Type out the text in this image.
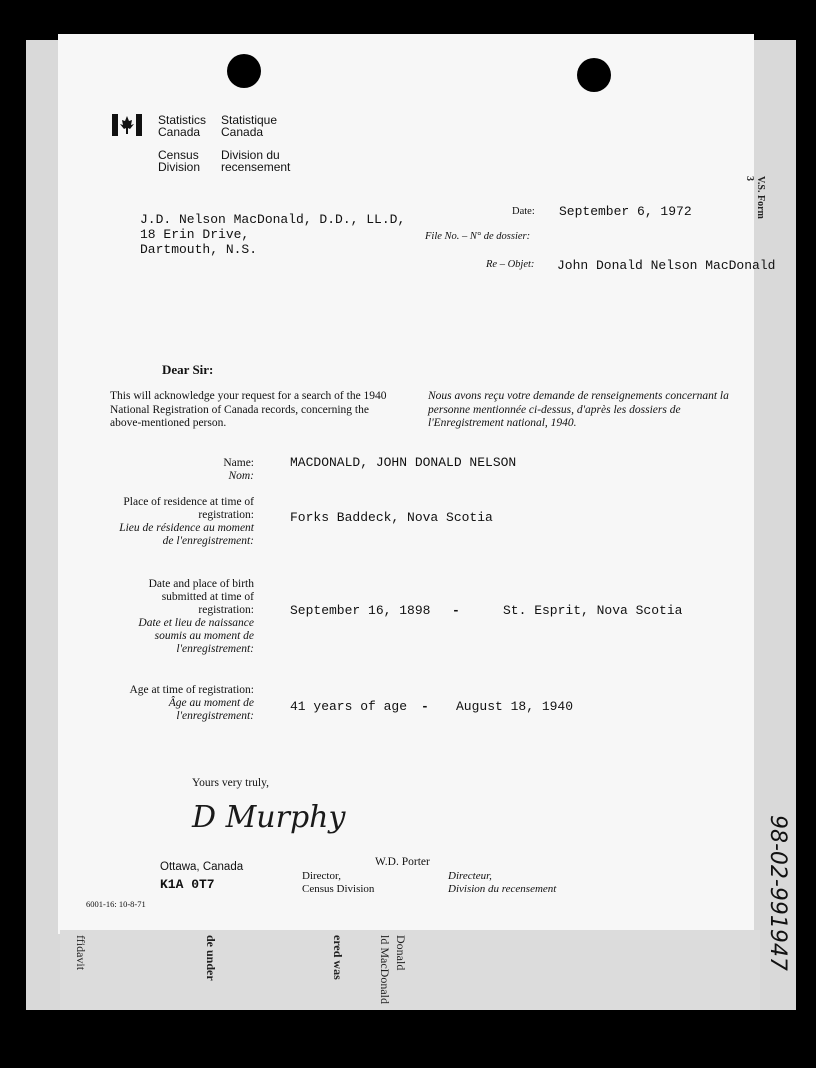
ffidavit	de under	ered was	Donald
ld MacDonald
Statistics
Canada
Statistique
Canada
Census
Division
Division du
recensement
J.D. Nelson MacDonald, D.D., LL.D,
18 Erin Drive,
Dartmouth, N.S.
Date: September 6, 1972
File No. – N° de dossier:
Re – Objet: John Donald Nelson MacDonald
Dear Sir:
This will acknowledge your request for a search of the 1940 National Registration of Canada records, concerning the above-mentioned person.
Nous avons reçu votre demande de renseignements concernant la personne mentionnée ci-dessus, d'après les dossiers de l'Enregistrement national, 1940.
Name:
Nom:
MACDONALD, JOHN DONALD NELSON
Place of residence at time of registration:
Lieu de résidence au moment de l'enregistrement:
Forks Baddeck, Nova Scotia
Date and place of birth submitted at time of registration:
Date et lieu de naissance soumis au moment de l'enregistrement:
September 16, 1898 -	St. Esprit, Nova Scotia
Age at time of registration:
Âge au moment de l'enregistrement:
41 years of age - August 18, 1940
Yours very truly,
D Murphy
Ottawa, Canada
K1A 0T7
W.D. Porter
Director,
Census Division
Directeur,
Division du recensement
6001-16: 10-8-71
V.S. Form 3
98-02-991947
